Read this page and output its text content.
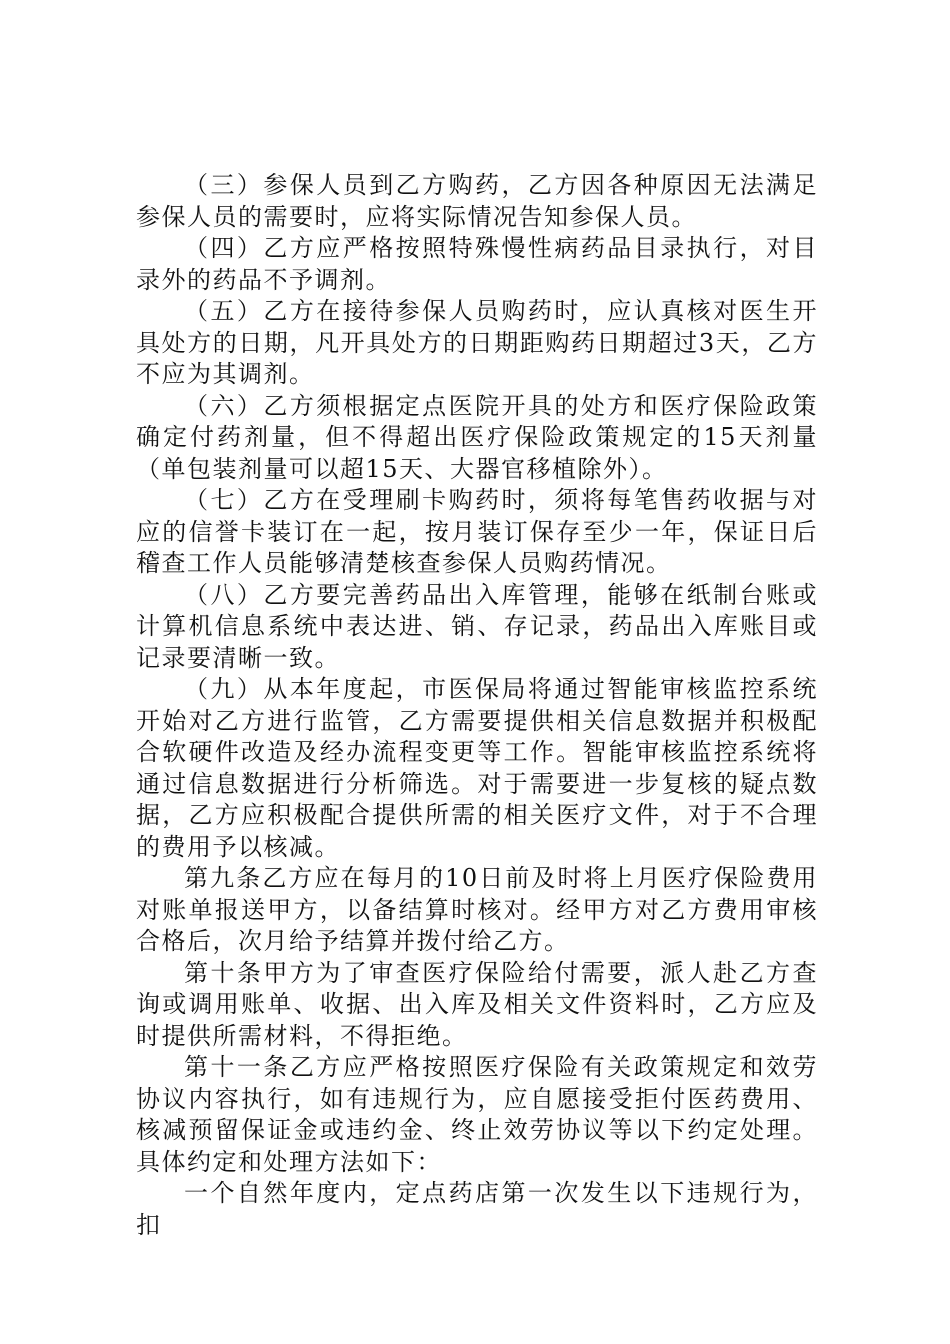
（三）参保人员到乙方购药，乙方因各种原因无法满足参保人员的需要时，应将实际情况告知参保人员。

（四）乙方应严格按照特殊慢性病药品目录执行，对目录外的药品不予调剂。

（五）乙方在接待参保人员购药时，应认真核对医生开具处方的日期，凡开具处方的日期距购药日期超过3天，乙方不应为其调剂。

（六）乙方须根据定点医院开具的处方和医疗保险政策确定付药剂量，但不得超出医疗保险政策规定的15天剂量（单包装剂量可以超15天、大器官移植除外）。

（七）乙方在受理刷卡购药时，须将每笔售药收据与对应的信誉卡装订在一起，按月装订保存至少一年，保证日后稽查工作人员能够清楚核查参保人员购药情况。

（八）乙方要完善药品出入库管理，能够在纸制台账或计算机信息系统中表达进、销、存记录，药品出入库账目或记录要清晰一致。

（九）从本年度起，市医保局将通过智能审核监控系统开始对乙方进行监管，乙方需要提供相关信息数据并积极配合软硬件改造及经办流程变更等工作。智能审核监控系统将通过信息数据进行分析筛选。对于需要进一步复核的疑点数据，乙方应积极配合提供所需的相关医疗文件，对于不合理的费用予以核减。

第九条乙方应在每月的10日前及时将上月医疗保险费用对账单报送甲方，以备结算时核对。经甲方对乙方费用审核合格后，次月给予结算并拨付给乙方。

第十条甲方为了审查医疗保险给付需要，派人赴乙方查询或调用账单、收据、出入库及相关文件资料时，乙方应及时提供所需材料，不得拒绝。

第十一条乙方应严格按照医疗保险有关政策规定和效劳协议内容执行，如有违规行为，应自愿接受拒付医药费用、核减预留保证金或违约金、终止效劳协议等以下约定处理。具体约定和处理方法如下：

一个自然年度内，定点药店第一次发生以下违规行为，扣
